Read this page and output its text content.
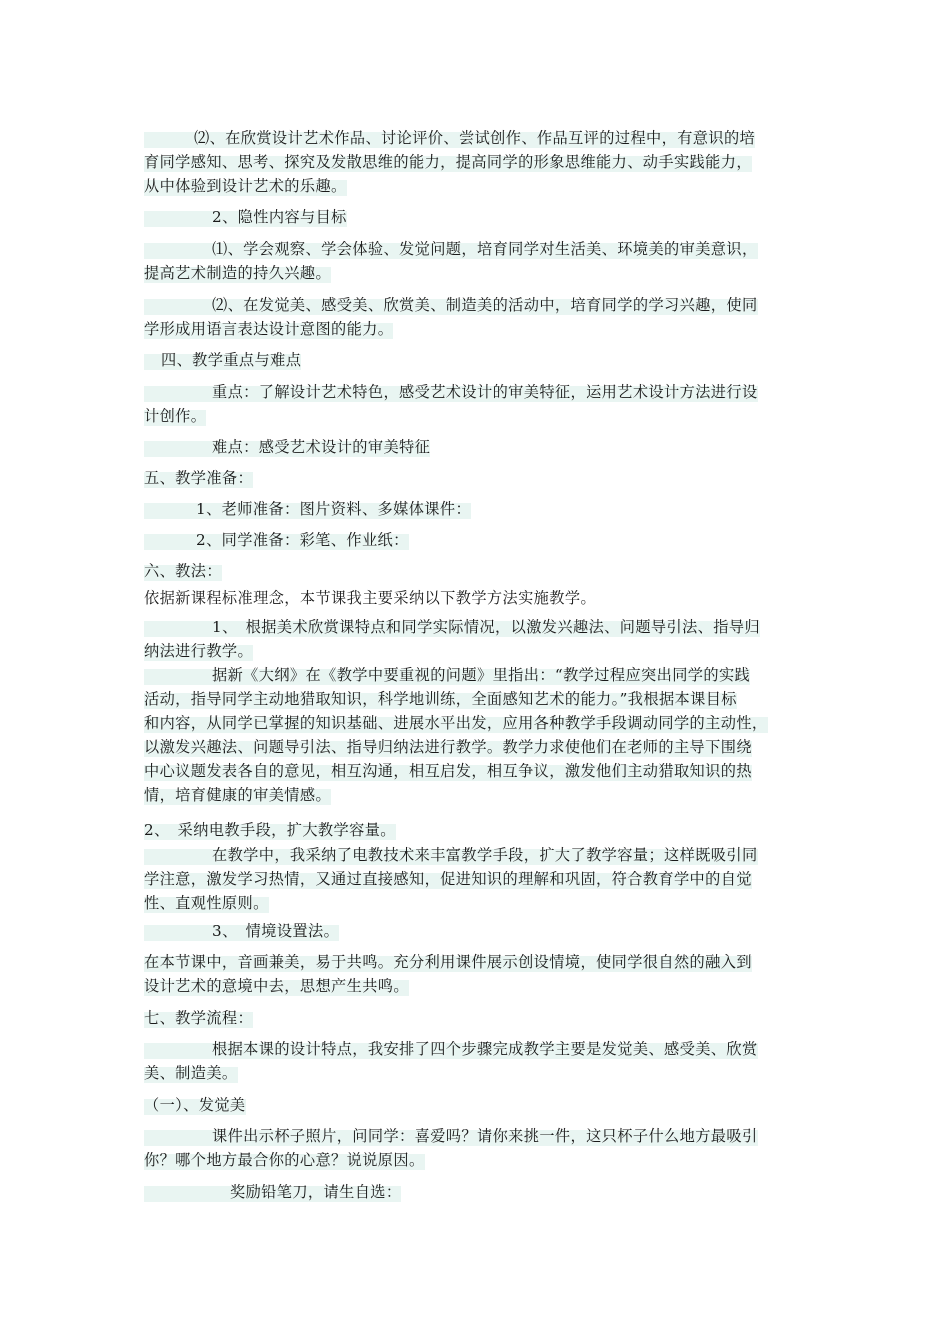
⑵、在欣赏设计艺术作品、讨论评价、尝试创作、作品互评的过程中，有意识的培
育同学感知、思考、探究及发散思维的能力，提高同学的形象思维能力、动手实践能力，
从中体验到设计艺术的乐趣。
2、隐性内容与目标
⑴、学会观察、学会体验、发觉问题，培育同学对生活美、环境美的审美意识，
提高艺术制造的持久兴趣。
⑵、在发觉美、感受美、欣赏美、制造美的活动中，培育同学的学习兴趣，使同
学形成用语言表达设计意图的能力。
四、教学重点与难点
重点：了解设计艺术特色，感受艺术设计的审美特征，运用艺术设计方法进行设
计创作。
难点：感受艺术设计的审美特征
五、教学准备：
1、老师准备：图片资料、多媒体课件：
2、同学准备：彩笔、作业纸：
六、教法：
依据新课程标准理念，本节课我主要采纳以下教学方法实施教学。
1、　根据美术欣赏课特点和同学实际情况，以激发兴趣法、问题导引法、指导归
纳法进行教学。
据新《大纲》在《教学中要重视的问题》里指出：“教学过程应突出同学的实践
活动，指导同学主动地猎取知识，科学地训练，全面感知艺术的能力。”我根据本课目标
和内容，从同学已掌握的知识基础、进展水平出发，应用各种教学手段调动同学的主动性，
以激发兴趣法、问题导引法、指导归纳法进行教学。教学力求使他们在老师的主导下围绕
中心议题发表各自的意见，相互沟通，相互启发，相互争议，激发他们主动猎取知识的热
情，培育健康的审美情感。
2、　采纳电教手段，扩大教学容量。
在教学中，我采纳了电教技术来丰富教学手段，扩大了教学容量；这样既吸引同
学注意，激发学习热情，又通过直接感知，促进知识的理解和巩固，符合教育学中的自觉
性、直观性原则。
3、　情境设置法。
在本节课中，音画兼美，易于共鸣。充分利用课件展示创设情境，使同学很自然的融入到
设计艺术的意境中去，思想产生共鸣。
七、教学流程：
根据本课的设计特点，我安排了四个步骤完成教学主要是发觉美、感受美、欣赏
美、制造美。
（一）、发觉美
课件出示杯子照片，问同学：喜爱吗？请你来挑一件，这只杯子什么地方最吸引
你？哪个地方最合你的心意？说说原因。
奖励铅笔刀，请生自选：
